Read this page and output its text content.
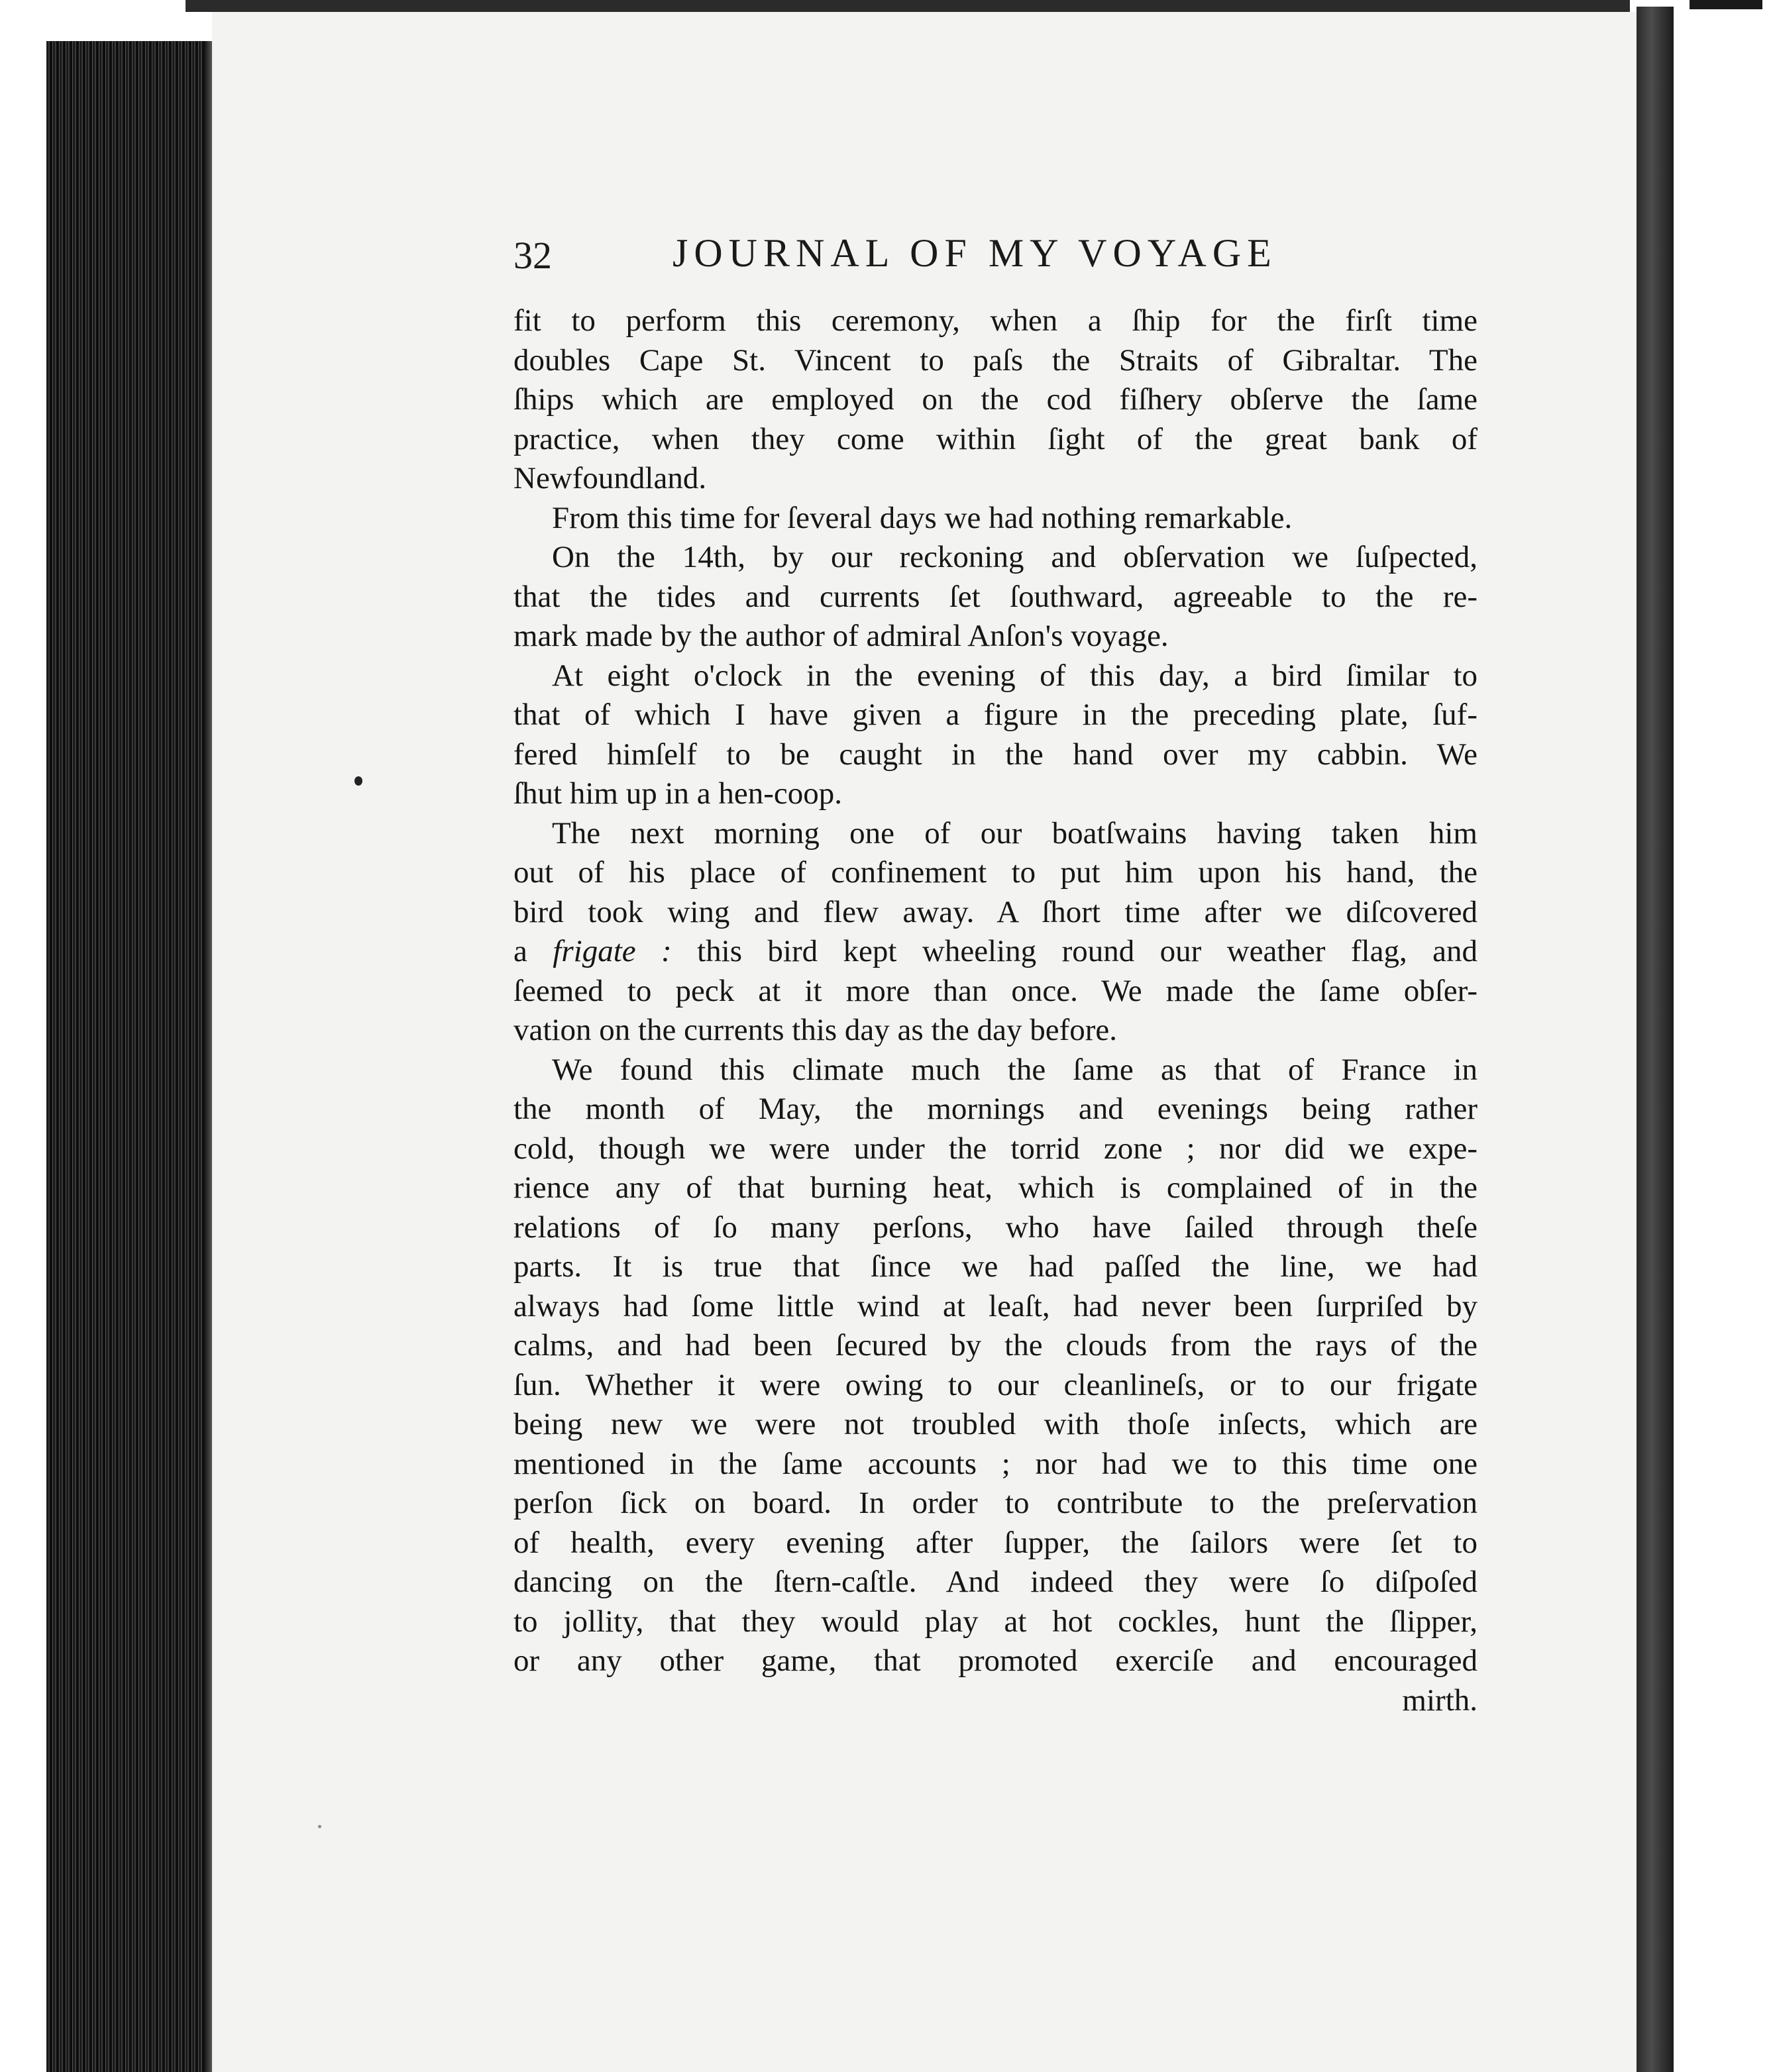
32	JOURNAL OF MY VOYAGE
fit to perform this ceremony, when a ſhip for the firſt time
doubles Cape St. Vincent to paſs the Straits of Gibraltar. The
ſhips which are employed on the cod fiſhery obſerve the ſame
practice, when they come within ſight of the great bank of
Newfoundland.
From this time for ſeveral days we had nothing remarkable.
On the 14th, by our reckoning and obſervation we ſuſpected,
that the tides and currents ſet ſouthward, agreeable to the re-
mark made by the author of admiral Anſon's voyage.
At eight o'clock in the evening of this day, a bird ſimilar to
that of which I have given a figure in the preceding plate, ſuf-
fered himſelf to be caught in the hand over my cabbin. We
ſhut him up in a hen-coop.
The next morning one of our boatſwains having taken him
out of his place of confinement to put him upon his hand, the
bird took wing and flew away. A ſhort time after we diſcovered
a frigate : this bird kept wheeling round our weather flag, and
ſeemed to peck at it more than once. We made the ſame obſer-
vation on the currents this day as the day before.
We found this climate much the ſame as that of France in
the month of May, the mornings and evenings being rather
cold, though we were under the torrid zone ; nor did we expe-
rience any of that burning heat, which is complained of in the
relations of ſo many perſons, who have ſailed through theſe
parts. It is true that ſince we had paſſed the line, we had
always had ſome little wind at leaſt, had never been ſurpriſed by
calms, and had been ſecured by the clouds from the rays of the
ſun. Whether it were owing to our cleanlineſs, or to our frigate
being new we were not troubled with thoſe inſects, which are
mentioned in the ſame accounts ; nor had we to this time one
perſon ſick on board. In order to contribute to the preſervation
of health, every evening after ſupper, the ſailors were ſet to
dancing on the ſtern-caſtle. And indeed they were ſo diſpoſed
to jollity, that they would play at hot cockles, hunt the ſlipper,
or any other game, that promoted exerciſe and encouraged
mirth.
